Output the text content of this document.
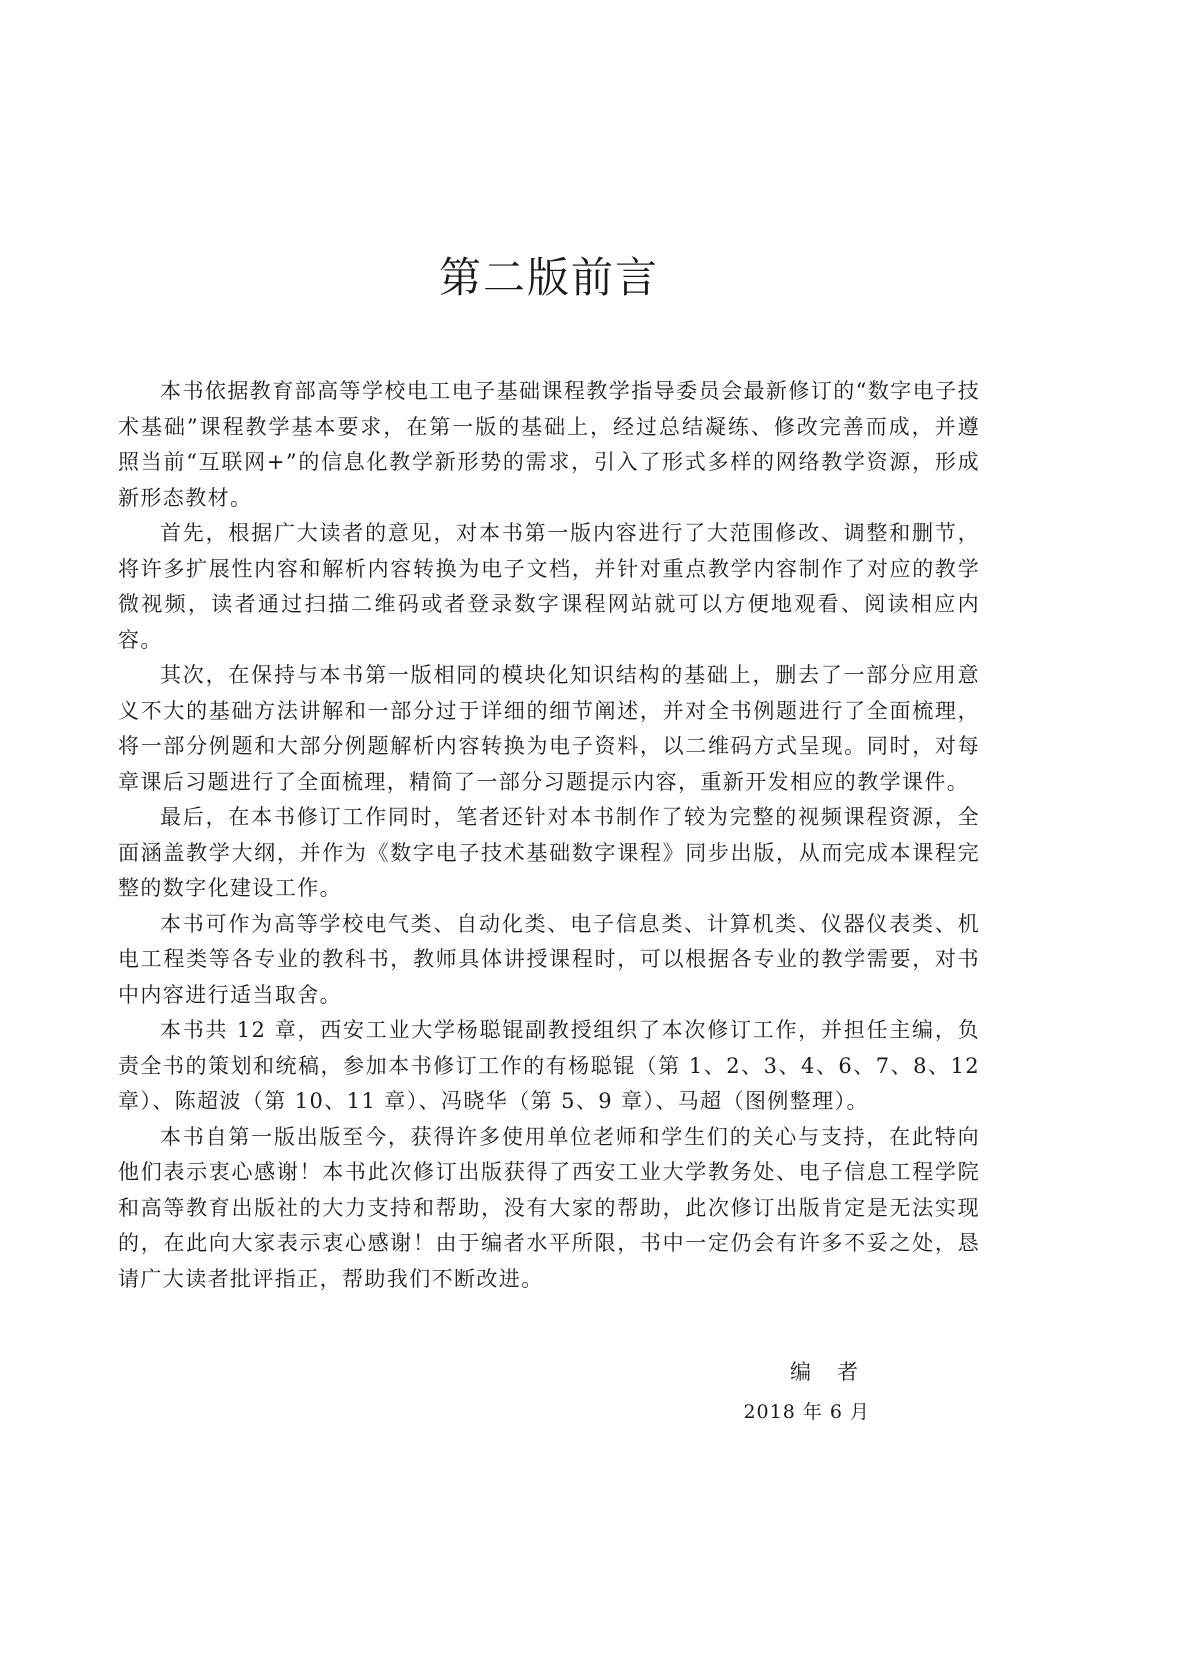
第二版前言

本书依据教育部高等学校电工电子基础课程教学指导委员会最新修订的“数字电子技术基础”课程教学基本要求，在第一版的基础上，经过总结凝练、修改完善而成，并遵照当前“互联网+”的信息化教学新形势的需求，引入了形式多样的网络教学资源，形成新形态教材。

首先，根据广大读者的意见，对本书第一版内容进行了大范围修改、调整和删节，将许多扩展性内容和解析内容转换为电子文档，并针对重点教学内容制作了对应的教学微视频，读者通过扫描二维码或者登录数字课程网站就可以方便地观看、阅读相应内容。

其次，在保持与本书第一版相同的模块化知识结构的基础上，删去了一部分应用意义不大的基础方法讲解和一部分过于详细的细节阐述，并对全书例题进行了全面梳理，将一部分例题和大部分例题解析内容转换为电子资料，以二维码方式呈现。同时，对每章课后习题进行了全面梳理，精简了一部分习题提示内容，重新开发相应的教学课件。

最后，在本书修订工作同时，笔者还针对本书制作了较为完整的视频课程资源，全面涵盖教学大纲，并作为《数字电子技术基础数字课程》同步出版，从而完成本课程完整的数字化建设工作。

本书可作为高等学校电气类、自动化类、电子信息类、计算机类、仪器仪表类、机电工程类等各专业的教科书，教师具体讲授课程时，可以根据各专业的教学需要，对书中内容进行适当取舍。

本书共 12 章，西安工业大学杨聪锟副教授组织了本次修订工作，并担任主编，负责全书的策划和统稿，参加本书修订工作的有杨聪锟（第 1、2、3、4、6、7、8、12 章）、陈超波（第 10、11 章）、冯晓华（第 5、9 章）、马超（图例整理）。

本书自第一版出版至今，获得许多使用单位老师和学生们的关心与支持，在此特向他们表示衷心感谢！本书此次修订出版获得了西安工业大学教务处、电子信息工程学院和高等教育出版社的大力支持和帮助，没有大家的帮助，此次修订出版肯定是无法实现的，在此向大家表示衷心感谢！由于编者水平所限，书中一定仍会有许多不妥之处，恳请广大读者批评指正，帮助我们不断改进。

编者
2018 年 6 月
